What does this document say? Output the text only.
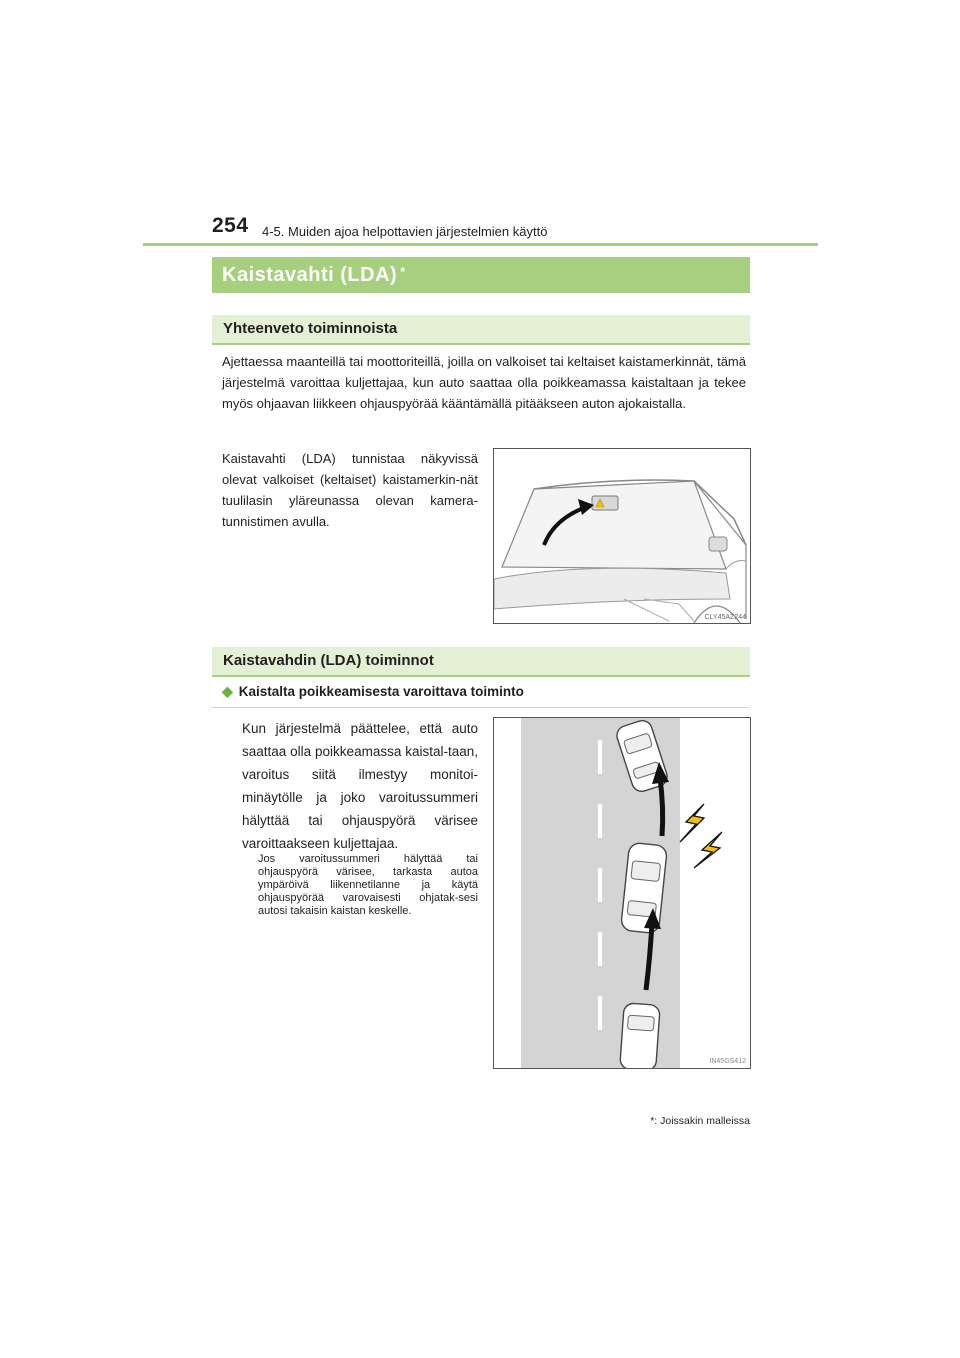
254 4-5. Muiden ajoa helpottavien järjestelmien käyttö
Kaistavahti (LDA) *
Yhteenveto toiminnoista
Ajettaessa maanteillä tai moottoriteillä, joilla on valkoiset tai keltaiset kaistamerkinnät, tämä järjestelmä varoittaa kuljettajaa, kun auto saattaa olla poikkeamassa kaistaltaan ja tekee myös ohjaavan liikkeen ohjauspyörää kääntämällä pitääkseen auton ajokaistalla.
Kaistavahti (LDA) tunnistaa näkyvissä olevat valkoiset (keltaiset) kaistamerkin-nät tuulilasin yläreunassa olevan kamera-tunnistimen avulla.
CLY45AZ244
Kaistavahdin (LDA) toiminnot
◆ Kaistalta poikkeamisesta varoittava toiminto
Kun järjestelmä päättelee, että auto saattaa olla poikkeamassa kaistal-taan, varoitus siitä ilmestyy monitoi-minäytölle ja joko varoitussummeri hälyttää tai ohjauspyörä värisee varoittaakseen kuljettajaa.
Jos varoitussummeri hälyttää tai ohjauspyörä värisee, tarkasta autoa ympäröivä liikennetilanne ja käytä ohjauspyörää varovaisesti ohjatak-sesi autosi takaisin kaistan keskelle.
IN45GS412
*: Joissakin malleissa
